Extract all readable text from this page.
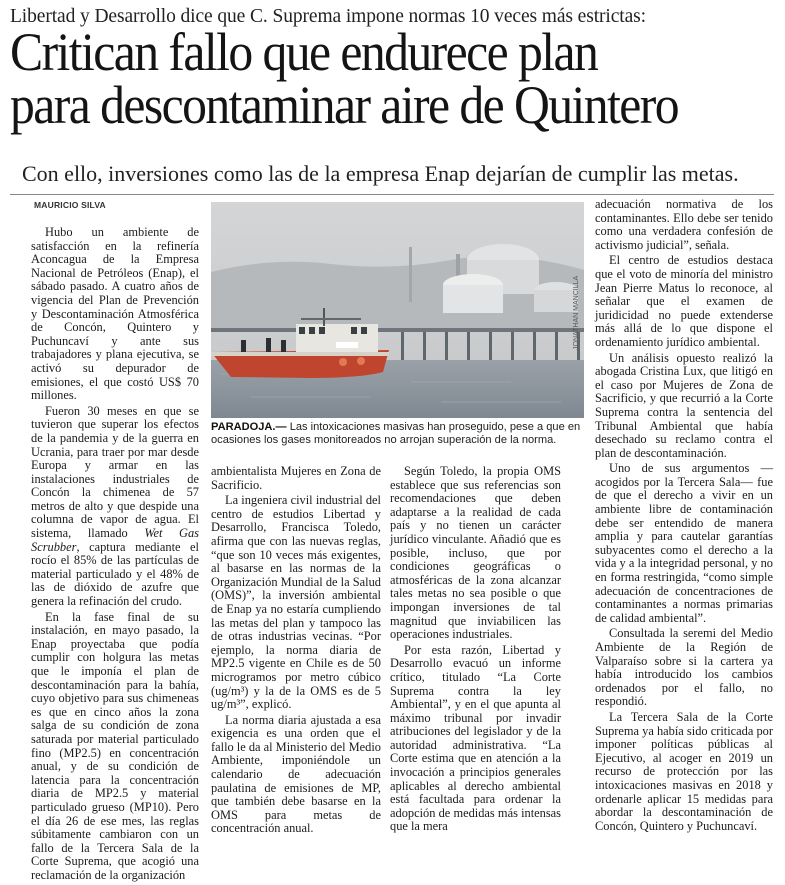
Libertad y Desarrollo dice que C. Suprema impone normas 10 veces más estrictas:
Critican fallo que endurece plan
para descontaminar aire de Quintero
Con ello, inversiones como las de la empresa Enap dejarían de cumplir las metas.
MAURICIO SILVA

Hubo un ambiente de satisfacción en la refinería Aconcagua de la Empresa Nacional de Petróleos (Enap), el sábado pasado. A cuatro años de vigencia del Plan de Prevención y Descontaminación Atmosférica de Concón, Quintero y Puchuncaví y ante sus trabajadores y plana ejecutiva, se activó su depurador de emisiones, el que costó US$ 70 millones.

Fueron 30 meses en que se tuvieron que superar los efectos de la pandemia y de la guerra en Ucrania, para traer por mar desde Europa y armar en las instalaciones industriales de Concón la chimenea de 57 metros de alto y que despide una columna de vapor de agua. El sistema, llamado Wet Gas Scrubber, captura mediante el rocío el 85% de las partículas de material particulado y el 48% de las de dióxido de azufre que genera la refinación del crudo.

En la fase final de su instalación, en mayo pasado, la Enap proyectaba que podía cumplir con holgura las metas que le imponía el plan de descontaminación para la bahía, cuyo objetivo para sus chimeneas es que en cinco años la zona salga de su condición de zona saturada por material particulado fino (MP2.5) en concentración anual, y de su condición de latencia para la concentración diaria de MP2.5 y material particulado grueso (MP10). Pero el día 26 de ese mes, las reglas súbitamente cambiaron con un fallo de la Tercera Sala de la Corte Suprema, que acogió una reclamación de la organización

JONATHAN MANCILLA
PARADOJA.— Las intoxicaciones masivas han proseguido, pese a que en ocasiones los gases monitoreados no arrojan superación de la norma.

ambientalista Mujeres en Zona de Sacrificio.

La ingeniera civil industrial del centro de estudios Libertad y Desarrollo, Francisca Toledo, afirma que con las nuevas reglas, “que son 10 veces más exigentes, al basarse en las normas de la Organización Mundial de la Salud (OMS)”, la inversión ambiental de Enap ya no estaría cumpliendo las metas del plan y tampoco las de otras industrias vecinas. “Por ejemplo, la norma diaria de MP2.5 vigente en Chile es de 50 microgramos por metro cúbico (ug/m³) y la de la OMS es de 5 ug/m³”, explicó.

La norma diaria ajustada a esa exigencia es una orden que el fallo le da al Ministerio del Medio Ambiente, imponiéndole un calendario de adecuación paulatina de emisiones de MP, que también debe basarse en la OMS para metas de concentración anual.

Según Toledo, la propia OMS establece que sus referencias son recomendaciones que deben adaptarse a la realidad de cada país y no tienen un carácter jurídico vinculante. Añadió que es posible, incluso, que por condiciones geográficas o atmosféricas de la zona alcanzar tales metas no sea posible o que impongan inversiones de tal magnitud que inviabilicen las operaciones industriales.

Por esta razón, Libertad y Desarrollo evacuó un informe crítico, titulado “La Corte Suprema contra la ley Ambiental”, y en el que apunta al máximo tribunal por invadir atribuciones del legislador y de la autoridad administrativa. “La Corte estima que en atención a la invocación a principios generales aplicables al derecho ambiental está facultada para ordenar la adopción de medidas más intensas que la mera

adecuación normativa de los contaminantes. Ello debe ser tenido como una verdadera confesión de activismo judicial”, señala.

El centro de estudios destaca que el voto de minoría del ministro Jean Pierre Matus lo reconoce, al señalar que el examen de juridicidad no puede extenderse más allá de lo que dispone el ordenamiento jurídico ambiental.

Un análisis opuesto realizó la abogada Cristina Lux, que litigó en el caso por Mujeres de Zona de Sacrificio, y que recurrió a la Corte Suprema contra la sentencia del Tribunal Ambiental que había desechado su reclamo contra el plan de descontaminación.

Uno de sus argumentos —acogidos por la Tercera Sala— fue de que el derecho a vivir en un ambiente libre de contaminación debe ser entendido de manera amplia y para cautelar garantías subyacentes como el derecho a la vida y a la integridad personal, y no en forma restringida, “como simple adecuación de concentraciones de contaminantes a normas primarias de calidad ambiental”.

Consultada la seremi del Medio Ambiente de la Región de Valparaíso sobre si la cartera ya había introducido los cambios ordenados por el fallo, no respondió.

La Tercera Sala de la Corte Suprema ya había sido criticada por imponer políticas públicas al Ejecutivo, al acoger en 2019 un recurso de protección por las intoxicaciones masivas en 2018 y ordenarle aplicar 15 medidas para abordar la descontaminación de Concón, Quintero y Puchuncaví.
